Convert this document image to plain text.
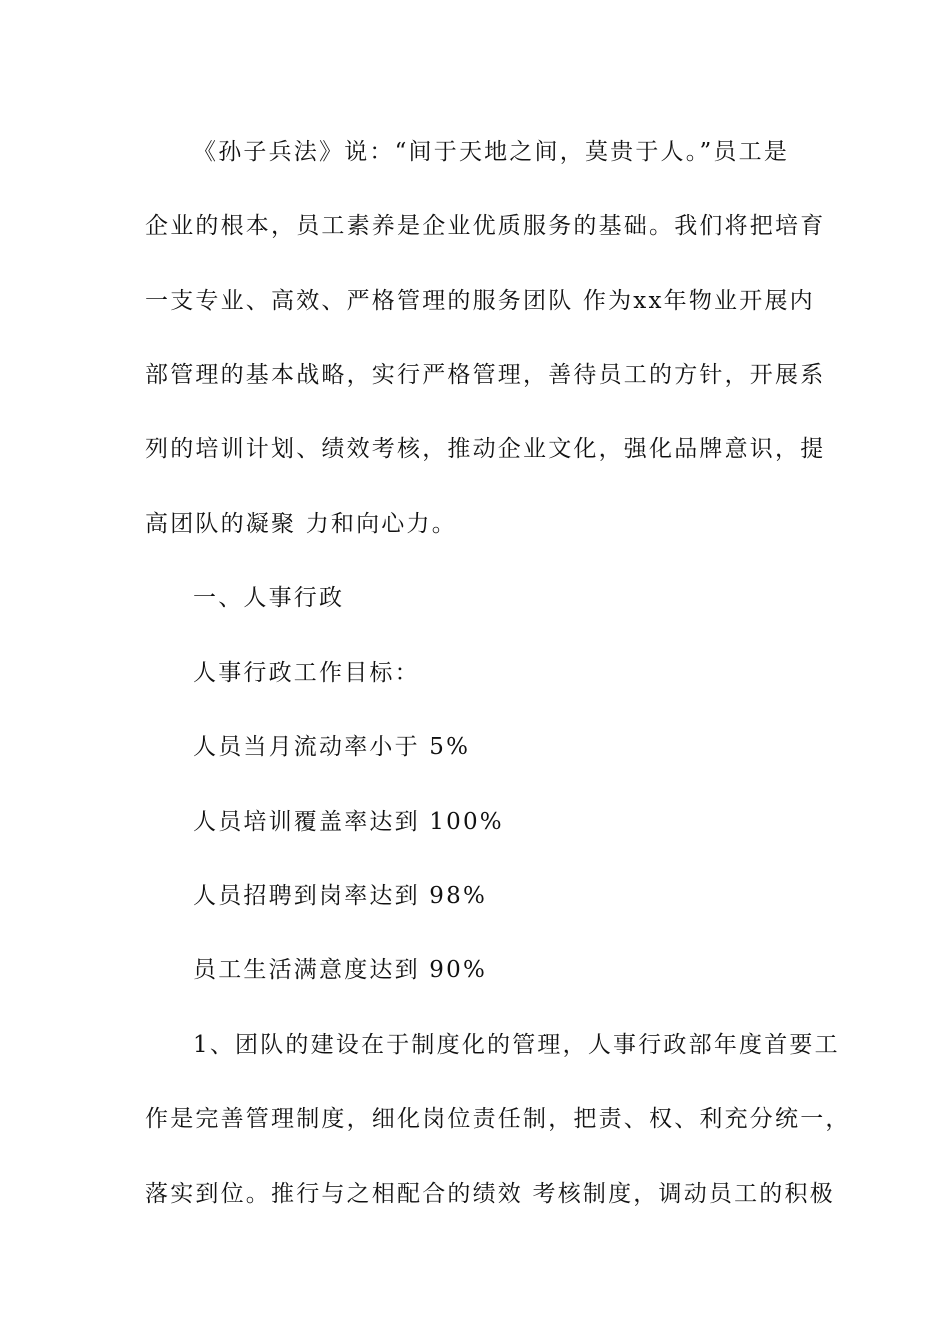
《孙子兵法》说：“间于天地之间，莫贵于人。”员工是
企业的根本，员工素养是企业优质服务的基础。我们将把培育
一支专业、高效、严格管理的服务团队 作为xx年物业开展内
部管理的基本战略，实行严格管理，善待员工的方针，开展系
列的培训计划、绩效考核，推动企业文化，强化品牌意识，提
高团队的凝聚 力和向心力。
一、人事行政
人事行政工作目标：
人员当月流动率小于 5%
人员培训覆盖率达到 100%
人员招聘到岗率达到 98%
员工生活满意度达到 90%
1、团队的建设在于制度化的管理，人事行政部年度首要工
作是完善管理制度，细化岗位责任制，把责、权、利充分统一，
落实到位。推行与之相配合的绩效 考核制度，调动员工的积极
